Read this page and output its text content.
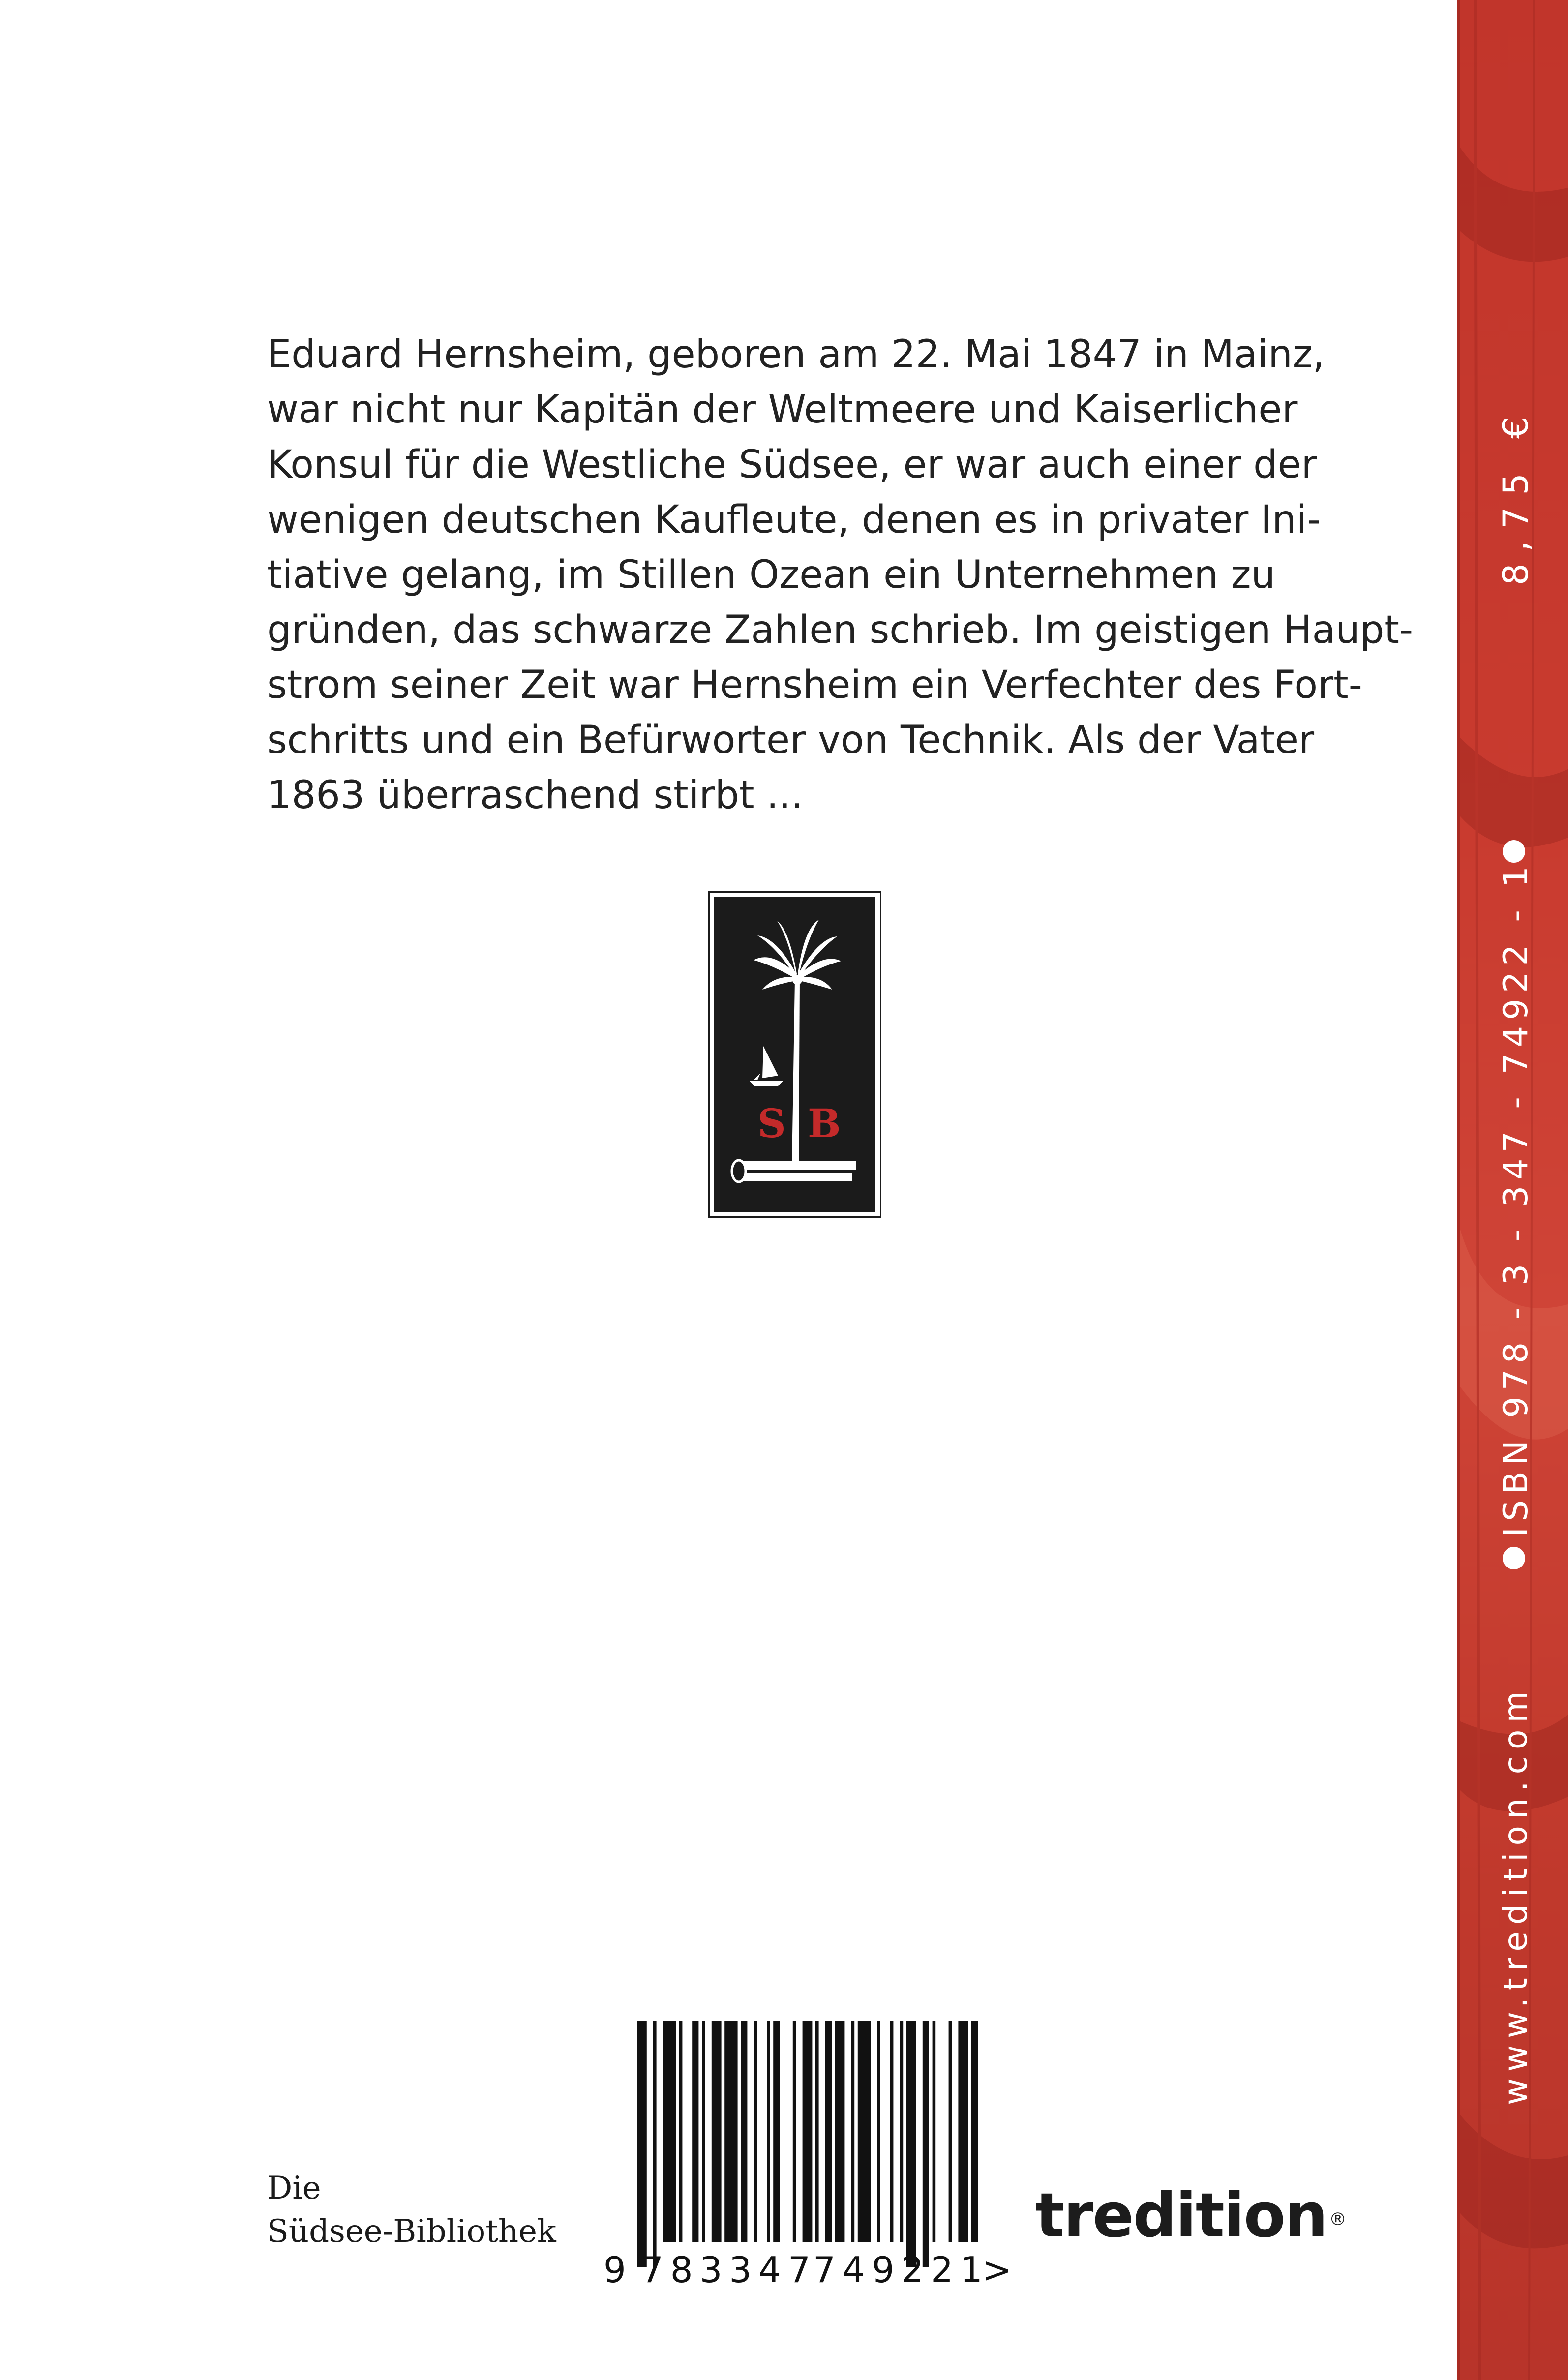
Eduard Hernsheim, geboren am 22. Mai 1847 in Mainz,
war nicht nur Kapitän der Weltmeere und Kaiserlicher
Konsul für die Westliche Südsee, er war auch einer der
wenigen deutschen Kaufleute, denen es in privater Ini-
tiative gelang, im Stillen Ozean ein Unternehmen zu
gründen, das schwarze Zahlen schrieb. Im geistigen Haupt-
strom seiner Zeit war Hernsheim ein Verfechter des Fort-
schritts und ein Befürworter von Technik. Als der Vater
1863 überraschend stirbt ...
S B
Die
Südsee-Bibliothek
9 783347
749221
>
tredition ®
8,75 €
ISBN 978 - 3 - 347 - 74922 - 1
www.tredition.com
